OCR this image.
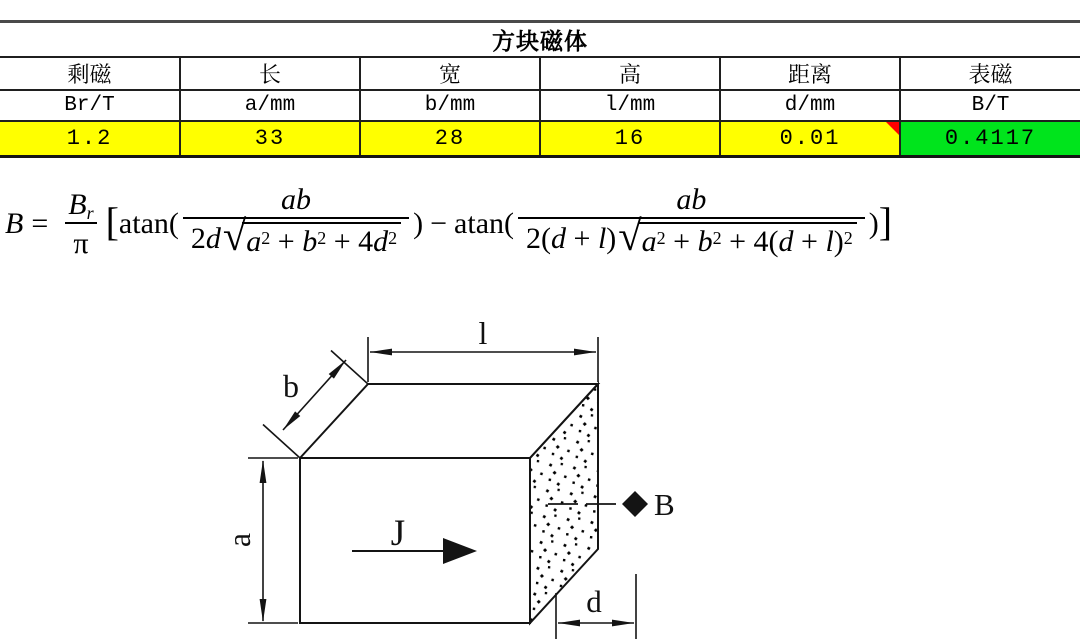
方块磁体					
剩磁	长	宽	高	距离	表磁
Br/T	a/mm	b/mm	l/mm	d/mm	B/T
1.2	33	28	16	0.01	0.4117
$B = \frac{B_r}{\pi}$ [ $atan( \frac{ab}{2d√a^2 + b^2 + 4d^2}$ ) − $atan( \frac{ab}{2(d + l)√a^2 + b^2 + 4(d + l)^2}$ ) ]
l
b
a	J
B
d
